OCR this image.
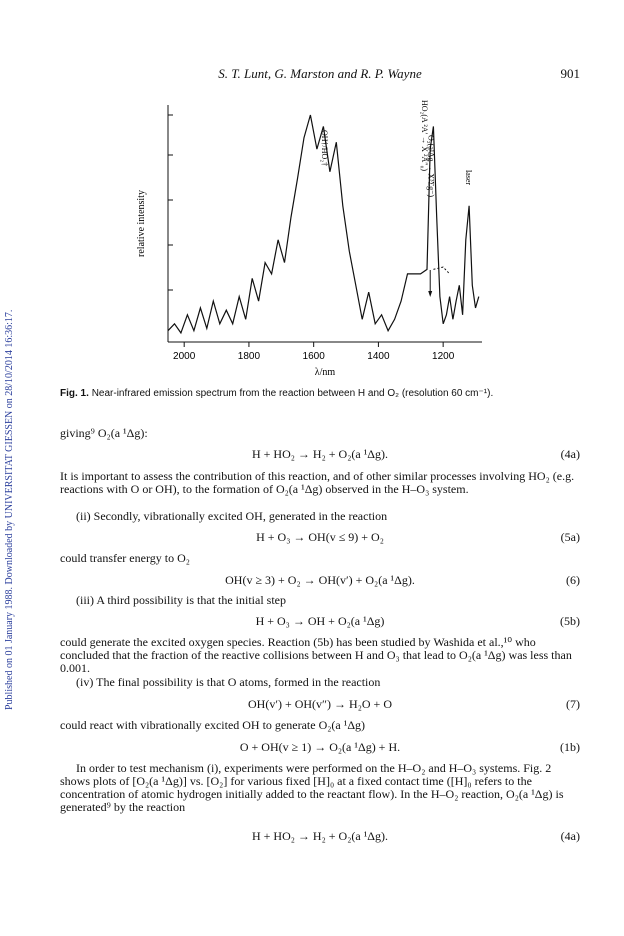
Published on 01 January 1988. Downloaded by UNIVERSITAT GIESSEN on 28/10/2014 16:36:17.
S. T. Lunt, G. Marston and R. P. Wayne	901
2000	1800	1600	1400	1200
λ/nm
relative intensity
OH†/HO₂†	HO₂(A ²A′ → X ²A″₀)
O₂(a¹Δg → X³Σg⁻)	laser
Fig. 1. Near-infrared emission spectrum from the reaction between H and O₂ (resolution 60 cm⁻¹).
giving⁹ O₂(a ¹Δg):
H + HO₂ → H₂ + O₂(a ¹Δg).	(4a)
It is important to assess the contribution of this reaction, and of other similar processes involving HO₂ (e.g. reactions with O or OH), to the formation of O₂(a ¹Δg) observed in the H–O₃ system.
(ii) Secondly, vibrationally excited OH, generated in the reaction
H + O₃ → OH(v ≤ 9) + O₂	(5a)
could transfer energy to O₂
OH(v ≥ 3) + O₂ → OH(v′) + O₂(a ¹Δg).	(6)
(iii) A third possibility is that the initial step
H + O₃ → OH + O₂(a ¹Δg)	(5b)
could generate the excited oxygen species. Reaction (5b) has been studied by Washida et al.,¹⁰ who concluded that the fraction of the reactive collisions between H and O₃ that lead to O₂(a ¹Δg) was less than 0.001.
(iv) The final possibility is that O atoms, formed in the reaction
OH(v′) + OH(v″) → H₂O + O	(7)
could react with vibrationally excited OH to generate O₂(a ¹Δg)
O + OH(v ≥ 1) → O₂(a ¹Δg) + H.	(1b)
In order to test mechanism (i), experiments were performed on the H–O₂ and H–O₃ systems. Fig. 2 shows plots of [O₂(a ¹Δg)] vs. [O₂] for various fixed [H]₀ at a fixed contact time ([H]₀ refers to the concentration of atomic hydrogen initially added to the reactant flow). In the H–O₂ reaction, O₂(a ¹Δg) is generated⁹ by the reaction
H + HO₂ → H₂ + O₂(a ¹Δg).	(4a)
